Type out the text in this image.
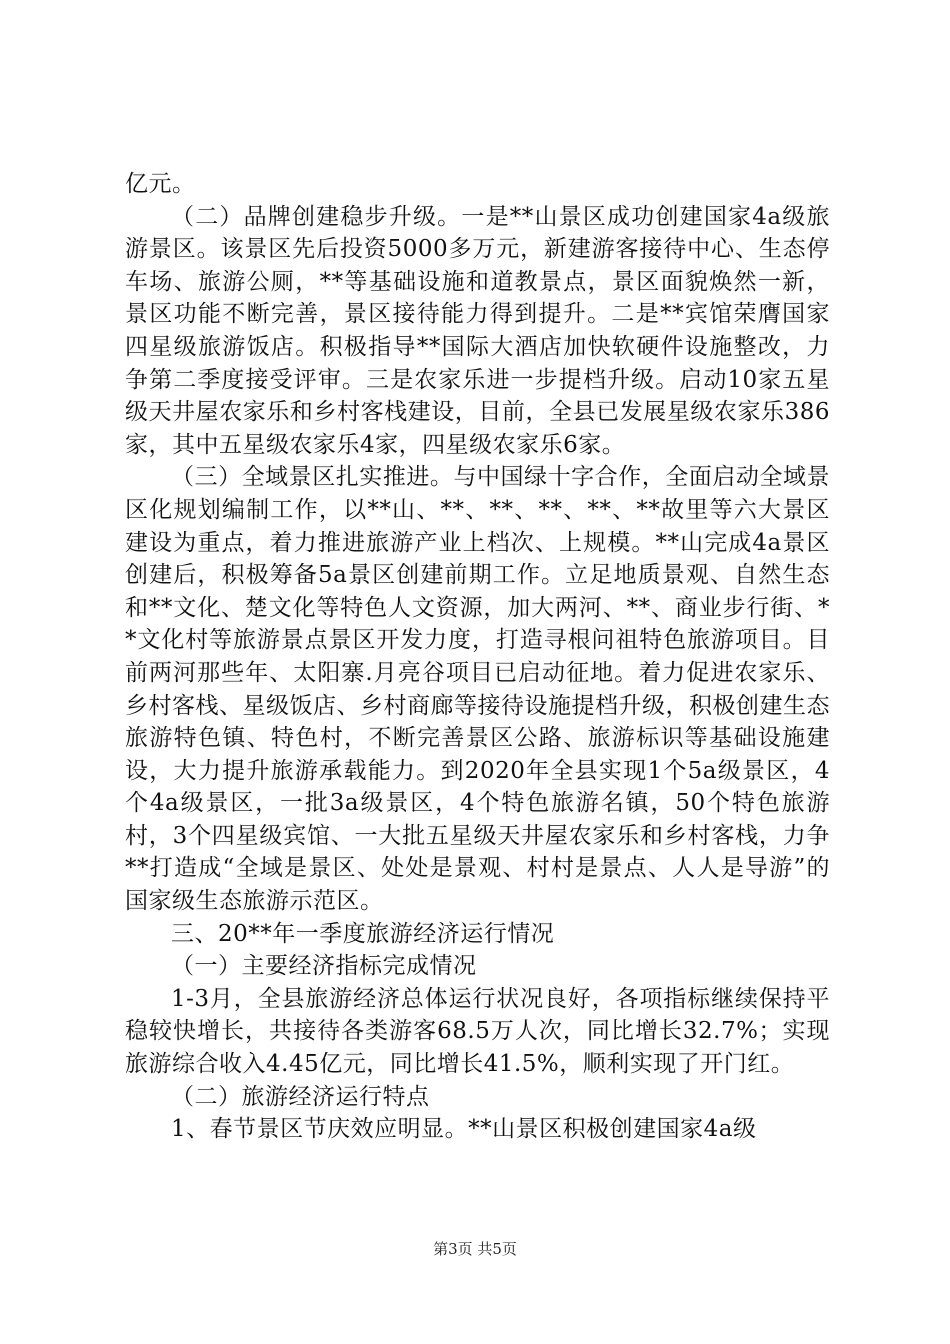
亿元。

（二）品牌创建稳步升级。一是**山景区成功创建国家4a级旅游景区。该景区先后投资5000多万元，新建游客接待中心、生态停车场、旅游公厕，**等基础设施和道教景点，景区面貌焕然一新，景区功能不断完善，景区接待能力得到提升。二是**宾馆荣膺国家四星级旅游饭店。积极指导**国际大酒店加快软硬件设施整改，力争第二季度接受评审。三是农家乐进一步提档升级。启动10家五星级天井屋农家乐和乡村客栈建设，目前，全县已发展星级农家乐386家，其中五星级农家乐4家，四星级农家乐6家。

（三）全域景区扎实推进。与中国绿十字合作，全面启动全域景区化规划编制工作，以**山、**、**、**、**、**故里等六大景区建设为重点，着力推进旅游产业上档次、上规模。**山完成4a景区创建后，积极筹备5a景区创建前期工作。立足地质景观、自然生态和**文化、楚文化等特色人文资源，加大两河、**、商业步行街、**文化村等旅游景点景区开发力度，打造寻根问祖特色旅游项目。目前两河那些年、太阳寨.月亮谷项目已启动征地。着力促进农家乐、乡村客栈、星级饭店、乡村商廊等接待设施提档升级，积极创建生态旅游特色镇、特色村，不断完善景区公路、旅游标识等基础设施建设，大力提升旅游承载能力。到2020年全县实现1个5a级景区，4个4a级景区，一批3a级景区，4个特色旅游名镇，50个特色旅游村，3个四星级宾馆、一大批五星级天井屋农家乐和乡村客栈，力争**打造成“全域是景区、处处是景观、村村是景点、人人是导游”的国家级生态旅游示范区。

三、20**年一季度旅游经济运行情况

（一）主要经济指标完成情况

1-3月，全县旅游经济总体运行状况良好，各项指标继续保持平稳较快增长，共接待各类游客68.5万人次，同比增长32.7%；实现旅游综合收入4.45亿元，同比增长41.5%，顺利实现了开门红。

（二）旅游经济运行特点

1、春节景区节庆效应明显。**山景区积极创建国家4a级

第3页 共5页
